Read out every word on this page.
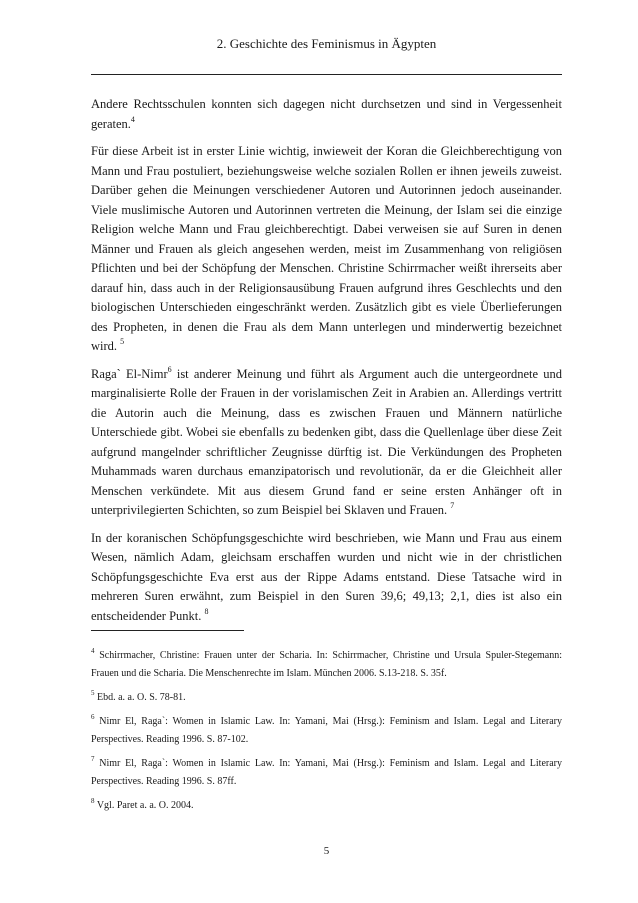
2. Geschichte des Feminismus in Ägypten

Andere Rechtsschulen konnten sich dagegen nicht durchsetzen und sind in Vergessenheit geraten.$^4$

Für diese Arbeit ist in erster Linie wichtig, inwieweit der Koran die Gleichberechtigung von Mann und Frau postuliert, beziehungsweise welche sozialen Rollen er ihnen jeweils zuweist. Darüber gehen die Meinungen verschiedener Autoren und Autorinnen jedoch auseinander. Viele muslimische Autoren und Autorinnen vertreten die Meinung, der Islam sei die einzige Religion welche Mann und Frau gleichberechtigt. Dabei verweisen sie auf Suren in denen Männer und Frauen als gleich angesehen werden, meist im Zusammenhang von religiösen Pflichten und bei der Schöpfung der Menschen. Christine Schirrmacher weißt ihrerseits aber darauf hin, dass auch in der Religionsausübung Frauen aufgrund ihres Geschlechts und den biologischen Unterschieden eingeschränkt werden. Zusätzlich gibt es viele Überlieferungen des Propheten, in denen die Frau als dem Mann unterlegen und minderwertig bezeichnet wird. $^5$

Raga` El-Nimr$^6$ ist anderer Meinung und führt als Argument auch die untergeordnete und marginalisierte Rolle der Frauen in der vorislamischen Zeit in Arabien an. Allerdings vertritt die Autorin auch die Meinung, dass es zwischen Frauen und Männern natürliche Unterschiede gibt. Wobei sie ebenfalls zu bedenken gibt, dass die Quellenlage über diese Zeit aufgrund mangelnder schriftlicher Zeugnisse dürftig ist. Die Verkündungen des Propheten Muhammads waren durchaus emanzipatorisch und revolutionär, da er die Gleichheit aller Menschen verkündete. Mit aus diesem Grund fand er seine ersten Anhänger oft in unterprivilegierten Schichten, so zum Beispiel bei Sklaven und Frauen. $^7$

In der koranischen Schöpfungsgeschichte wird beschrieben, wie Mann und Frau aus einem Wesen, nämlich Adam, gleichsam erschaffen wurden und nicht wie in der christlichen Schöpfungsgeschichte Eva erst aus der Rippe Adams entstand. Diese Tatsache wird in mehreren Suren erwähnt, zum Beispiel in den Suren 39,6; 49,13; 2,1, dies ist also ein entscheidender Punkt. $^8$

$^4$ Schirrmacher, Christine: Frauen unter der Scharia. In: Schirrmacher, Christine und Ursula Spuler-Stegemann: Frauen und die Scharia. Die Menschenrechte im Islam. München 2006. S.13-218. S. 35f.

$^5$ Ebd. a. a. O. S. 78-81.

$^6$ Nimr El, Raga`: Women in Islamic Law. In: Yamani, Mai (Hrsg.): Feminism and Islam. Legal and Literary Perspectives. Reading 1996. S. 87-102.

$^7$ Nimr El, Raga`: Women in Islamic Law. In: Yamani, Mai (Hrsg.): Feminism and Islam. Legal and Literary Perspectives. Reading 1996. S. 87ff.

$^8$ Vgl. Paret a. a. O. 2004.

5
